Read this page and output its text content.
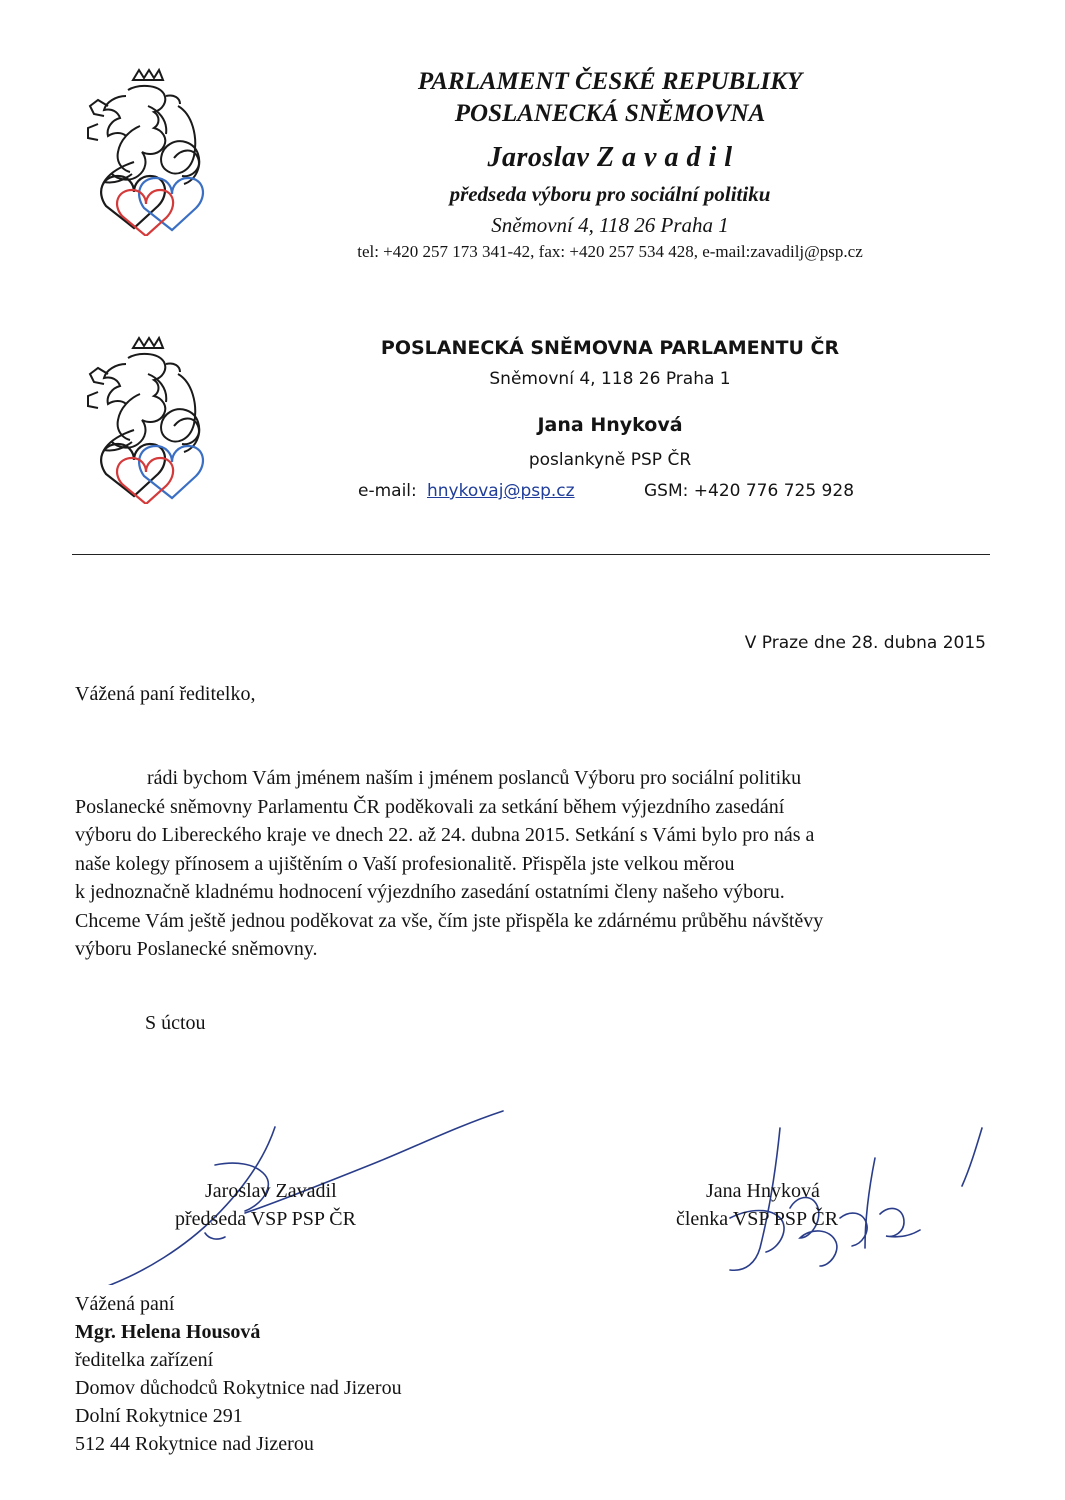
PARLAMENT ČESKÉ REPUBLIKY
POSLANECKÁ SNĚMOVNA
Jaroslav Z a v a d i l
předseda výboru pro sociální politiku
Sněmovní 4, 118 26 Praha 1
tel: +420 257 173 341-42, fax: +420 257 534 428, e-mail:zavadilj@psp.cz
POSLANECKÁ SNĚMOVNA PARLAMENTU ČR
Sněmovní 4, 118 26 Praha 1
Jana Hnyková
poslankyně PSP ČR
e-mail: hnykovaj@psp.cz	GSM: +420 776 725 928
V Praze dne 28. dubna 2015
Vážená paní ředitelko,
rádi bychom Vám jménem naším i jménem poslanců Výboru pro sociální politiku
Poslanecké sněmovny Parlamentu ČR poděkovali za setkání během výjezdního zasedání
výboru do Libereckého kraje ve dnech 22. až 24. dubna 2015. Setkání s Vámi bylo pro nás a
naše kolegy přínosem a ujištěním o Vaší profesionalitě. Přispěla jste velkou měrou
k jednoznačně kladnému hodnocení výjezdního zasedání ostatními členy našeho výboru.
Chceme Vám ještě jednou poděkovat za vše, čím jste přispěla ke zdárnému průběhu návštěvy
výboru Poslanecké sněmovny.
S úctou
Jaroslav Zavadil
předseda VSP PSP ČR
Jana Hnyková
členka VSP PSP ČR
Vážená paní
Mgr. Helena Housová
ředitelka zařízení
Domov důchodců Rokytnice nad Jizerou
Dolní Rokytnice 291
512 44 Rokytnice nad Jizerou
